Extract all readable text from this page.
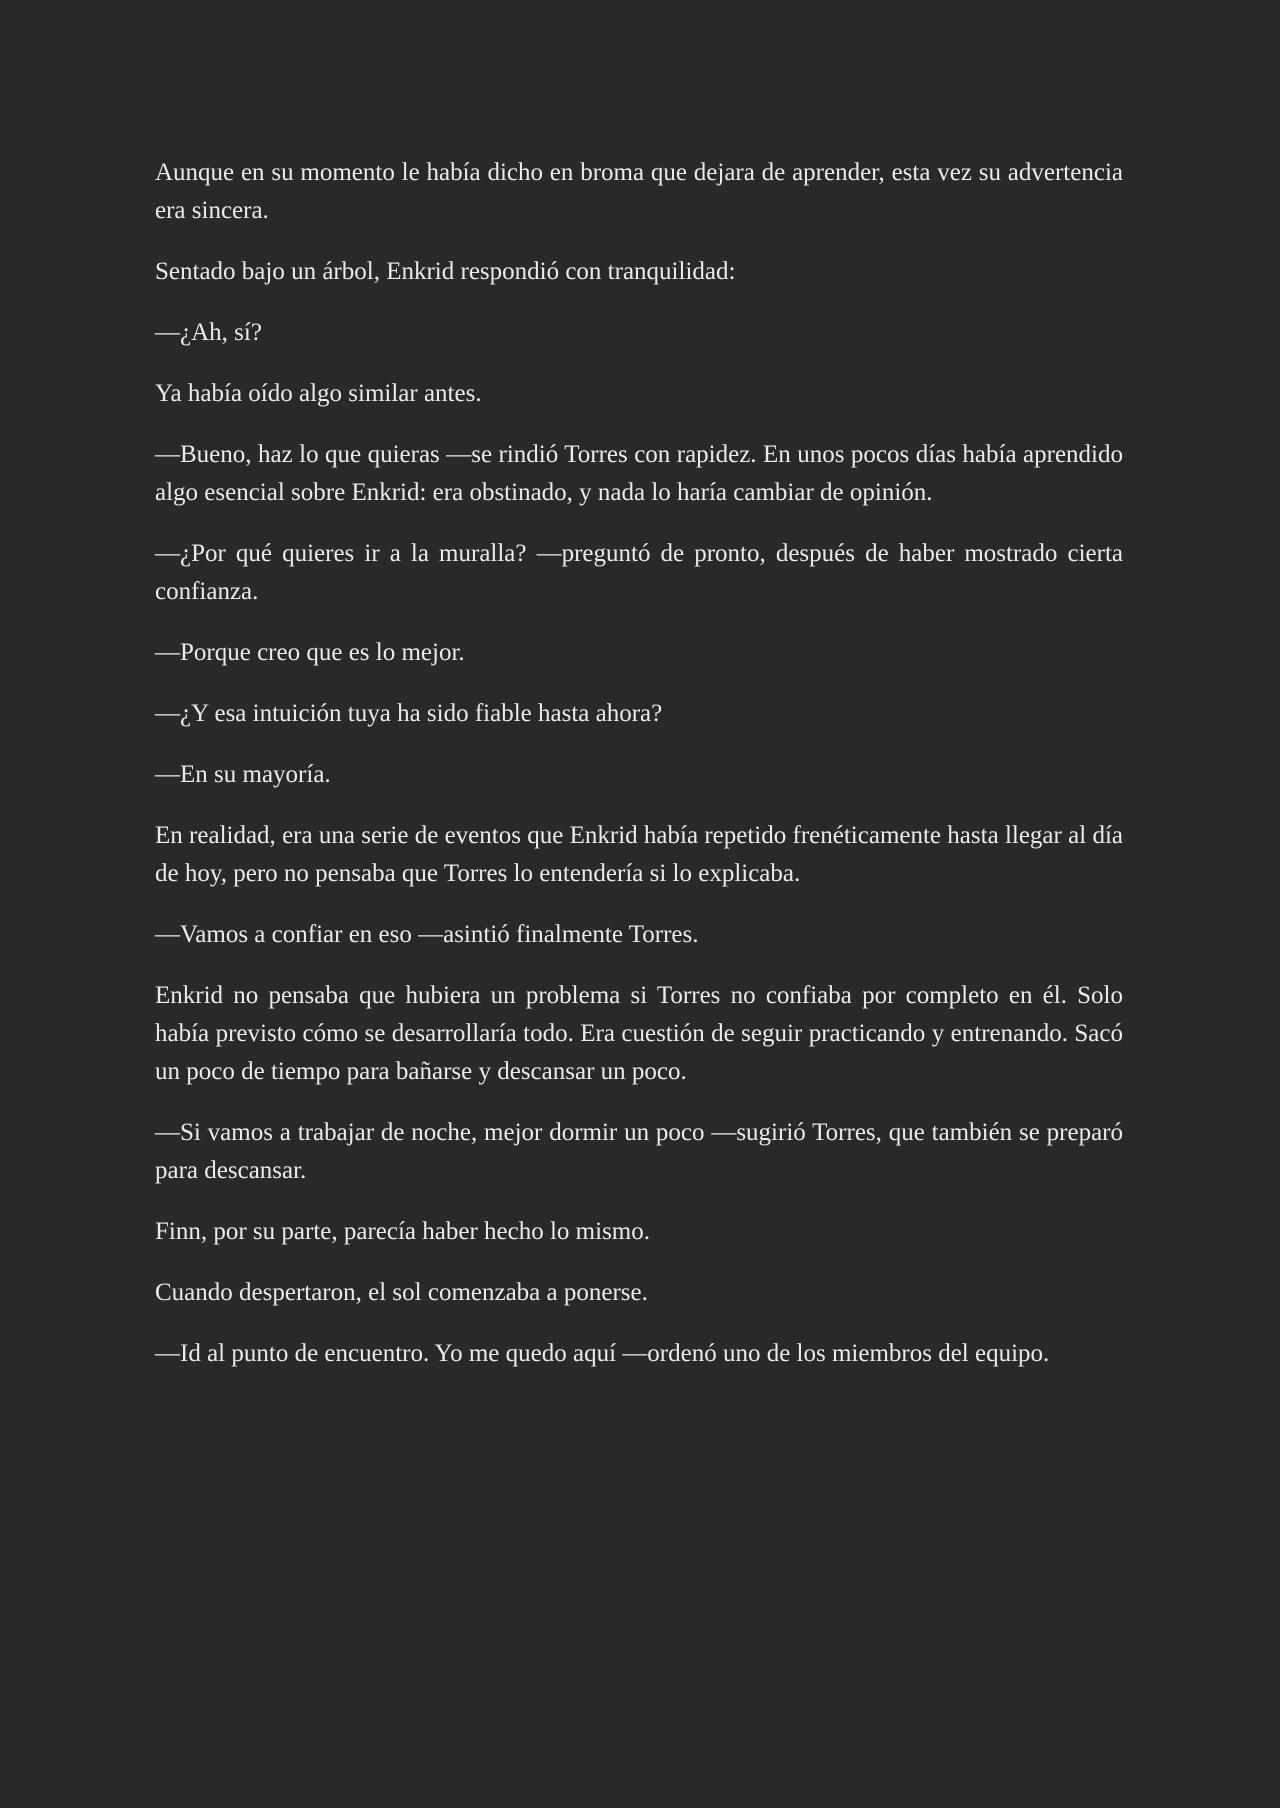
Aunque en su momento le había dicho en broma que dejara de aprender, esta vez su advertencia era sincera.

Sentado bajo un árbol, Enkrid respondió con tranquilidad:

—¿Ah, sí?

Ya había oído algo similar antes.

—Bueno, haz lo que quieras —se rindió Torres con rapidez. En unos pocos días había aprendido algo esencial sobre Enkrid: era obstinado, y nada lo haría cambiar de opinión.

—¿Por qué quieres ir a la muralla? —preguntó de pronto, después de haber mostrado cierta confianza.

—Porque creo que es lo mejor.

—¿Y esa intuición tuya ha sido fiable hasta ahora?

—En su mayoría.

En realidad, era una serie de eventos que Enkrid había repetido frenéticamente hasta llegar al día de hoy, pero no pensaba que Torres lo entendería si lo explicaba.

—Vamos a confiar en eso —asintió finalmente Torres.

Enkrid no pensaba que hubiera un problema si Torres no confiaba por completo en él. Solo había previsto cómo se desarrollaría todo. Era cuestión de seguir practicando y entrenando. Sacó un poco de tiempo para bañarse y descansar un poco.

—Si vamos a trabajar de noche, mejor dormir un poco —sugirió Torres, que también se preparó para descansar.

Finn, por su parte, parecía haber hecho lo mismo.

Cuando despertaron, el sol comenzaba a ponerse.

—Id al punto de encuentro. Yo me quedo aquí —ordenó uno de los miembros del equipo.
